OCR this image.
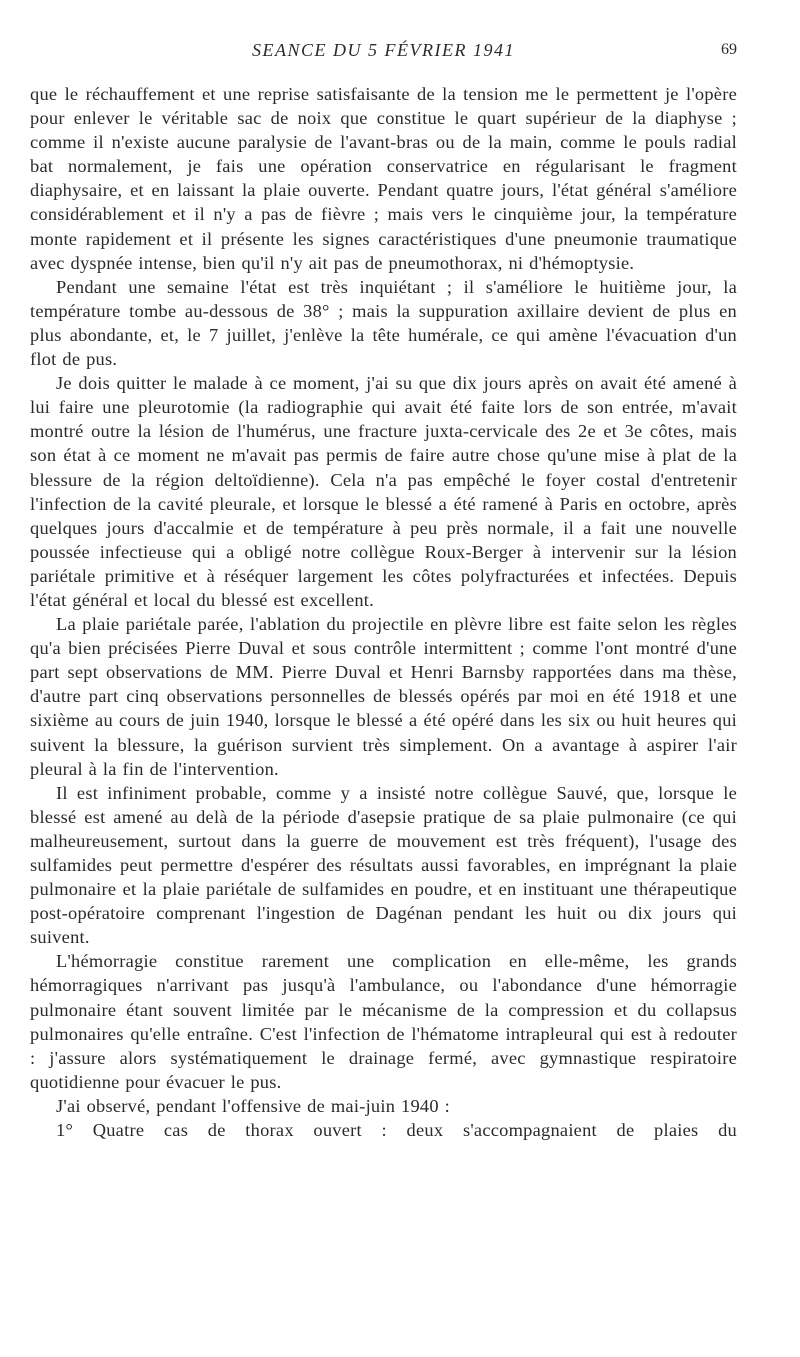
SEANCE DU 5 FÉVRIER 1941	69

que le réchauffement et une reprise satisfaisante de la tension me le permettent je l'opère pour enlever le véritable sac de noix que constitue le quart supérieur de la diaphyse ; comme il n'existe aucune paralysie de l'avant-bras ou de la main, comme le pouls radial bat normalement, je fais une opération conservatrice en régularisant le fragment diaphysaire, et en laissant la plaie ouverte. Pendant quatre jours, l'état général s'améliore considérablement et il n'y a pas de fièvre ; mais vers le cinquième jour, la température monte rapidement et il présente les signes caractéristiques d'une pneumonie traumatique avec dyspnée intense, bien qu'il n'y ait pas de pneumothorax, ni d'hémoptysie.

Pendant une semaine l'état est très inquiétant ; il s'améliore le huitième jour, la température tombe au-dessous de 38° ; mais la suppuration axillaire devient de plus en plus abondante, et, le 7 juillet, j'enlève la tête humérale, ce qui amène l'évacuation d'un flot de pus.

Je dois quitter le malade à ce moment, j'ai su que dix jours après on avait été amené à lui faire une pleurotomie (la radiographie qui avait été faite lors de son entrée, m'avait montré outre la lésion de l'humérus, une fracture juxta-cervicale des 2e et 3e côtes, mais son état à ce moment ne m'avait pas permis de faire autre chose qu'une mise à plat de la blessure de la région deltoïdienne). Cela n'a pas empêché le foyer costal d'entretenir l'infection de la cavité pleurale, et lorsque le blessé a été ramené à Paris en octobre, après quelques jours d'accalmie et de température à peu près normale, il a fait une nouvelle poussée infectieuse qui a obligé notre collègue Roux-Berger à intervenir sur la lésion pariétale primitive et à réséquer largement les côtes polyfracturées et infectées. Depuis l'état général et local du blessé est excellent.

La plaie pariétale parée, l'ablation du projectile en plèvre libre est faite selon les règles qu'a bien précisées Pierre Duval et sous contrôle intermittent ; comme l'ont montré d'une part sept observations de MM. Pierre Duval et Henri Barnsby rapportées dans ma thèse, d'autre part cinq observations personnelles de blessés opérés par moi en été 1918 et une sixième au cours de juin 1940, lorsque le blessé a été opéré dans les six ou huit heures qui suivent la blessure, la guérison survient très simplement. On a avantage à aspirer l'air pleural à la fin de l'intervention.

Il est infiniment probable, comme y a insisté notre collègue Sauvé, que, lorsque le blessé est amené au delà de la période d'asepsie pratique de sa plaie pulmonaire (ce qui malheureusement, surtout dans la guerre de mouvement est très fréquent), l'usage des sulfamides peut permettre d'espérer des résultats aussi favorables, en imprégnant la plaie pulmonaire et la plaie pariétale de sulfamides en poudre, et en instituant une thérapeutique post-opératoire comprenant l'ingestion de Dagénan pendant les huit ou dix jours qui suivent.

L'hémorragie constitue rarement une complication en elle-même, les grands hémorragiques n'arrivant pas jusqu'à l'ambulance, ou l'abondance d'une hémorragie pulmonaire étant souvent limitée par le mécanisme de la compression et du collapsus pulmonaires qu'elle entraîne. C'est l'infection de l'hématome intrapleural qui est à redouter : j'assure alors systématiquement le drainage fermé, avec gymnastique respiratoire quotidienne pour évacuer le pus.

J'ai observé, pendant l'offensive de mai-juin 1940 :

1° Quatre cas de thorax ouvert : deux s'accompagnaient de plaies du
